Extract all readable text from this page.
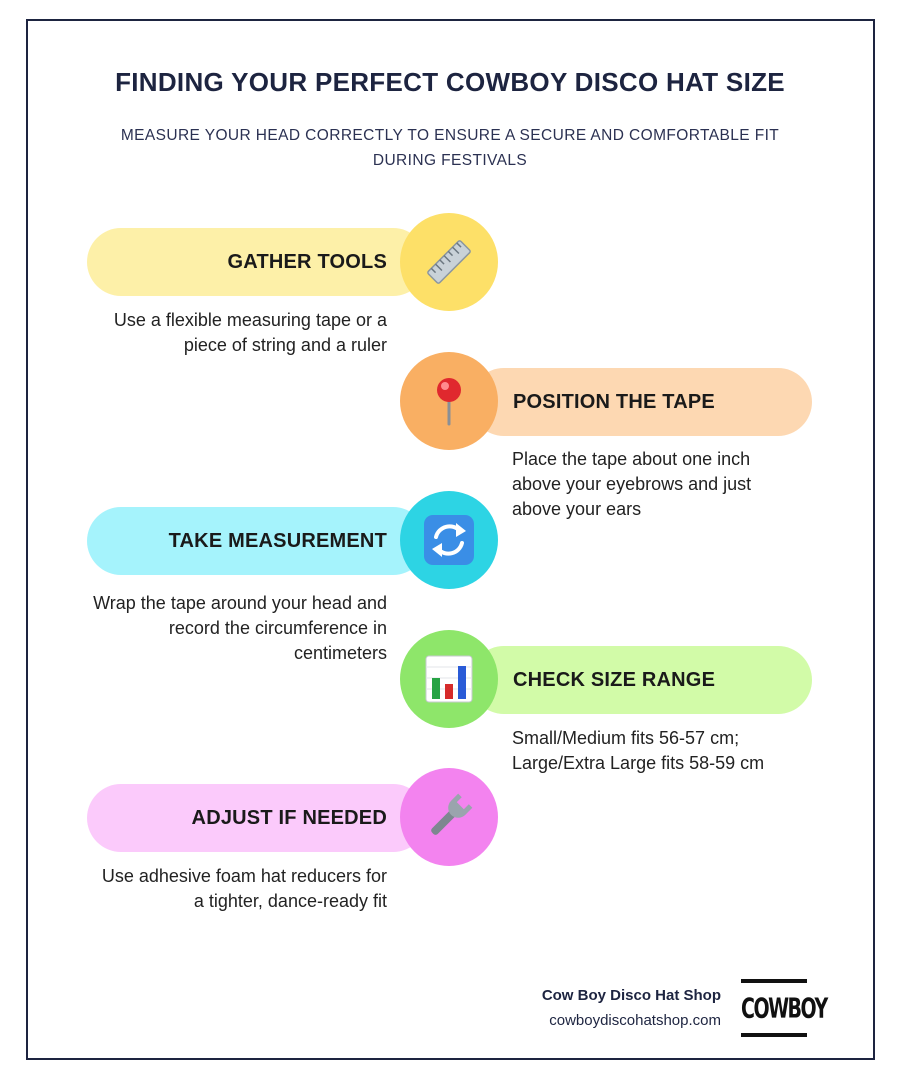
FINDING YOUR PERFECT COWBOY DISCO HAT SIZE

MEASURE YOUR HEAD CORRECTLY TO ENSURE A SECURE AND COMFORTABLE FIT DURING FESTIVALS

GATHER TOOLS

Use a flexible measuring tape or a piece of string and a ruler

POSITION THE TAPE

Place the tape about one inch above your eyebrows and just above your ears

TAKE MEASUREMENT

Wrap the tape around your head and record the circumference in centimeters

CHECK SIZE RANGE

Small/Medium fits 56-57 cm; Large/Extra Large fits 58-59 cm

ADJUST IF NEEDED

Use adhesive foam hat reducers for a tighter, dance-ready fit

Cow Boy Disco Hat Shop
cowboydiscohatshop.com COWBOY
